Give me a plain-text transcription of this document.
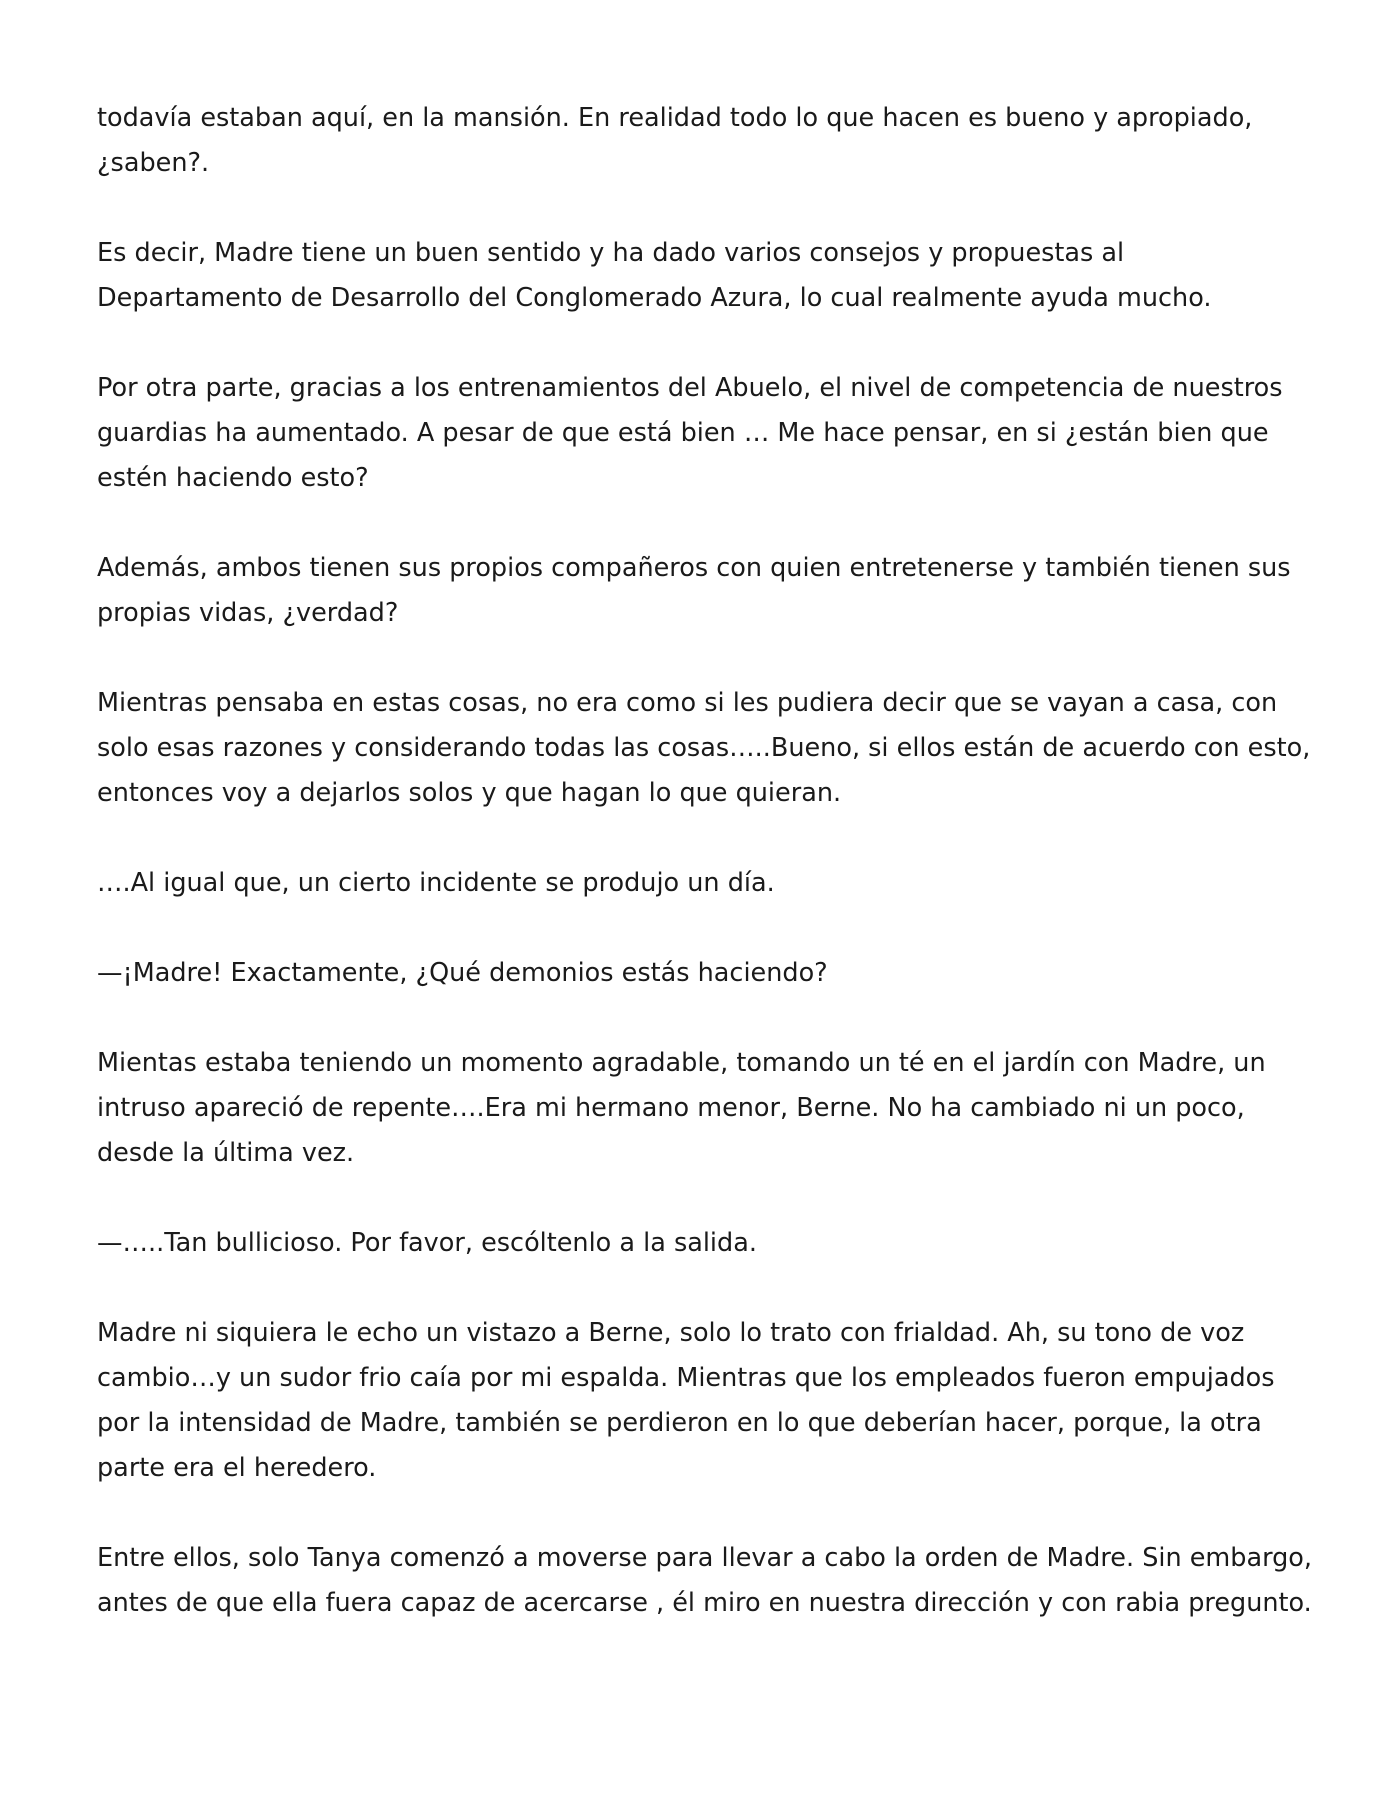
todavía estaban aquí, en la mansión. En realidad todo lo que hacen es bueno y apropiado, ¿saben?.

Es decir, Madre tiene un buen sentido y ha dado varios consejos y propuestas al Departamento de Desarrollo del Conglomerado Azura, lo cual realmente ayuda mucho.

Por otra parte, gracias a los entrenamientos del Abuelo, el nivel de competencia de nuestros guardias ha aumentado. A pesar de que está bien … Me hace pensar, en si ¿están bien que estén haciendo esto?

Además, ambos tienen sus propios compañeros con quien entretenerse y también tienen sus propias vidas, ¿verdad?

Mientras pensaba en estas cosas, no era como si les pudiera decir que se vayan a casa, con solo esas razones y considerando todas las cosas…..Bueno, si ellos están de acuerdo con esto, entonces voy a dejarlos solos y que hagan lo que quieran.

….Al igual que, un cierto incidente se produjo un día.

—¡Madre! Exactamente, ¿Qué demonios estás haciendo?

Mientas estaba teniendo un momento agradable, tomando un té en el jardín con Madre, un intruso apareció de repente….Era mi hermano menor, Berne. No ha cambiado ni un poco, desde la última vez.

—…..Tan bullicioso. Por favor, escóltenlo a la salida.

Madre ni siquiera le echo un vistazo a Berne, solo lo trato con frialdad. Ah, su tono de voz cambio…y un sudor frio caía por mi espalda. Mientras que los empleados fueron empujados por la intensidad de Madre, también se perdieron en lo que deberían hacer, porque, la otra parte era el heredero.

Entre ellos, solo Tanya comenzó a moverse para llevar a cabo la orden de Madre. Sin embargo, antes de que ella fuera capaz de acercarse , él miro en nuestra dirección y con rabia pregunto.
